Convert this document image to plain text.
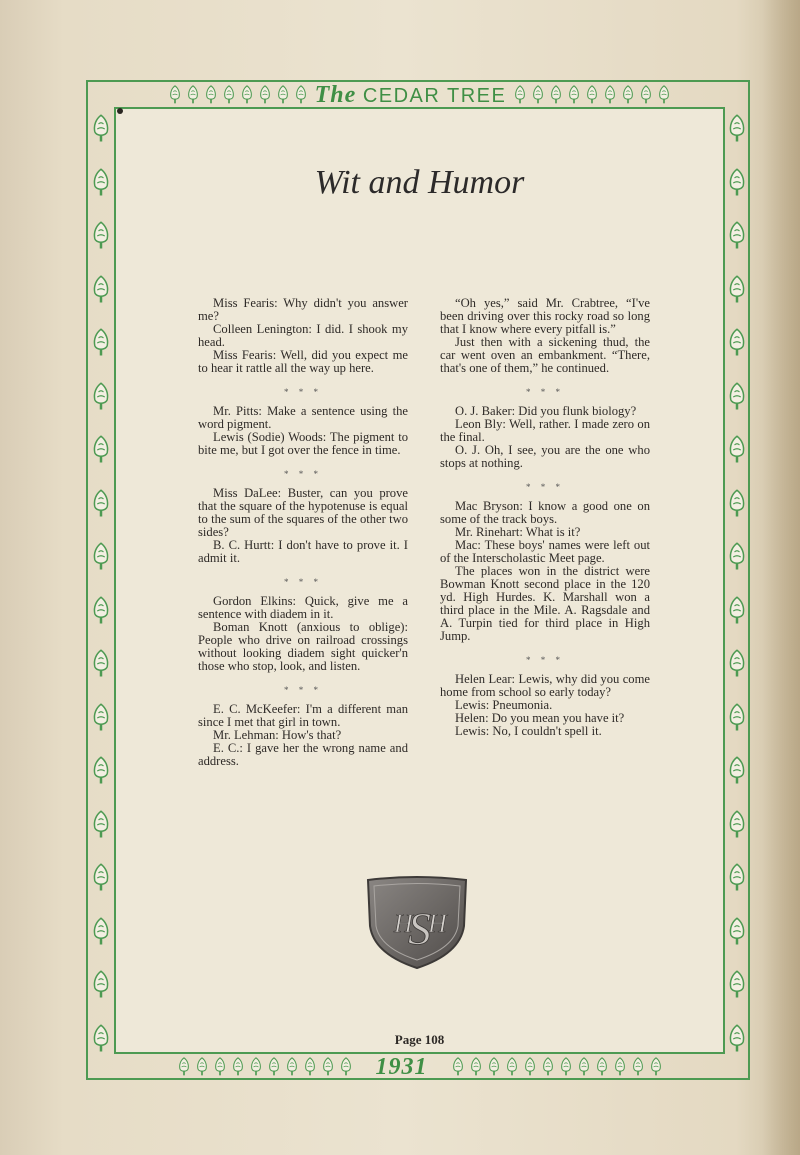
The CEDAR TREE
1931
Wit and Humor

Miss Fearis: Why didn't you answer me?

Colleen Lenington: I did. I shook my head.

Miss Fearis: Well, did you expect me to hear it rattle all the way up here.

* * *

Mr. Pitts: Make a sentence using the word pigment.

Lewis (Sodie) Woods: The pigment to bite me, but I got over the fence in time.

* * *

Miss DaLee: Buster, can you prove that the square of the hypotenuse is equal to the sum of the squares of the other two sides?

B. C. Hurtt: I don't have to prove it. I admit it.

* * *

Gordon Elkins: Quick, give me a sentence with diadem in it.

Boman Knott (anxious to oblige): People who drive on railroad crossings without looking diadem sight quicker'n those who stop, look, and listen.

* * *

E. C. McKeefer: I'm a different man since I met that girl in town.

Mr. Lehman: How's that?

E. C.: I gave her the wrong name and address.

“Oh yes,” said Mr. Crabtree, “I've been driving over this rocky road so long that I know where every pitfall is.”

Just then with a sickening thud, the car went oven an embankment. “There, that's one of them,” he continued.

* * *

O. J. Baker: Did you flunk biology?

Leon Bly: Well, rather. I made zero on the final.

O. J. Oh, I see, you are the one who stops at nothing.

* * *

Mac Bryson: I know a good one on some of the track boys.

Mr. Rinehart: What is it?

Mac: These boys' names were left out of the Interscholastic Meet page.

The places won in the district were Bowman Knott second place in the 120 yd. High Hurdes. K. Marshall won a third place in the Mile. A. Ragsdale and A. Turpin tied for third place in High Jump.

* * *

Helen Lear: Lewis, why did you come home from school so early today?

Lewis: Pneumonia.

Helen: Do you mean you have it?

Lewis: No, I couldn't spell it.

H H
S
Page 108
